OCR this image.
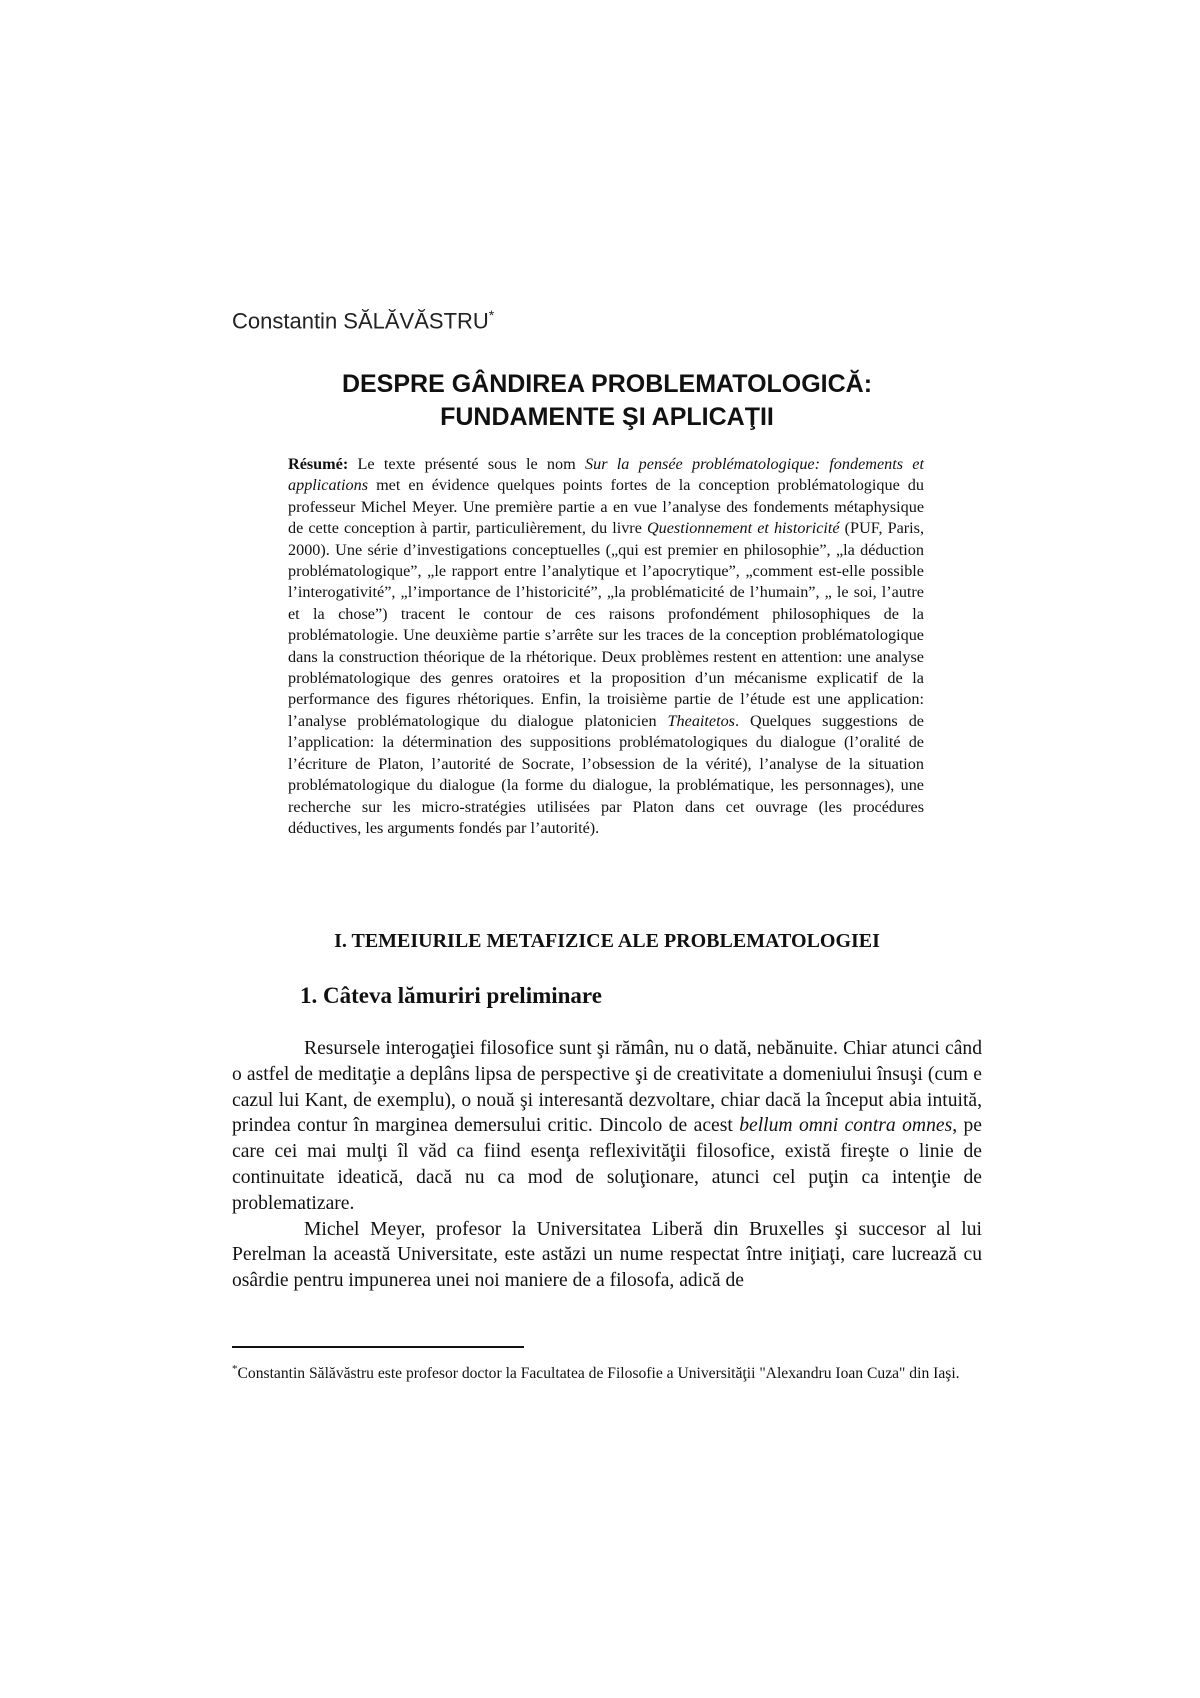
Constantin SĂLĂVĂSTRU*
DESPRE GÂNDIREA PROBLEMATOLOGICĂ:
FUNDAMENTE ŞI APLICAŢII

Résumé: Le texte présenté sous le nom Sur la pensée problématologique: fondements et applications met en évidence quelques points fortes de la conception problématologique du professeur Michel Meyer. Une première partie a en vue l’analyse des fondements métaphysique de cette conception à partir, particulièrement, du livre Questionnement et historicité (PUF, Paris, 2000). Une série d’investigations conceptuelles („qui est premier en philosophie”, „la déduction problématologique”, „le rapport entre l’analytique et l’apocrytique”, „comment est-elle possible l’interogativité”, „l’importance de l’historicité”, „la problématicité de l’humain”, „ le soi, l’autre et la chose”) tracent le contour de ces raisons profondément philosophiques de la problématologie. Une deuxième partie s’arrête sur les traces de la conception problématologique dans la construction théorique de la rhétorique. Deux problèmes restent en attention: une analyse problématologique des genres oratoires et la proposition d’un mécanisme explicatif de la performance des figures rhétoriques. Enfin, la troisième partie de l’étude est une application: l’analyse problématologique du dialogue platonicien Theaitetos. Quelques suggestions de l’application: la détermination des suppositions problématologiques du dialogue (l’oralité de l’écriture de Platon, l’autorité de Socrate, l’obsession de la vérité), l’analyse de la situation problématologique du dialogue (la forme du dialogue, la problématique, les personnages), une recherche sur les micro-stratégies utilisées par Platon dans cet ouvrage (les procédures déductives, les arguments fondés par l’autorité).

I. TEMEIURILE METAFIZICE ALE PROBLEMATOLOGIEI
1. Câteva lămuriri preliminare

Resursele interogaţiei filosofice sunt şi rămân, nu o dată, nebănuite. Chiar atunci când o astfel de meditaţie a deplâns lipsa de perspective şi de creativitate a domeniului însuşi (cum e cazul lui Kant, de exemplu), o nouă şi interesantă dezvoltare, chiar dacă la început abia intuită, prindea contur în marginea demersului critic. Dincolo de acest bellum omni contra omnes, pe care cei mai mulţi îl văd ca fiind esenţa reflexivităţii filosofice, există fireşte o linie de continuitate ideatică, dacă nu ca mod de soluţionare, atunci cel puţin ca intenţie de problematizare.

Michel Meyer, profesor la Universitatea Liberă din Bruxelles şi succesor al lui Perelman la această Universitate, este astăzi un nume respectat între iniţiaţi, care lucrează cu osârdie pentru impunerea unei noi maniere de a filosofa, adică de

*Constantin Sălăvăstru este profesor doctor la Facultatea de Filosofie a Universităţii "Alexandru Ioan Cuza" din Iaşi.
